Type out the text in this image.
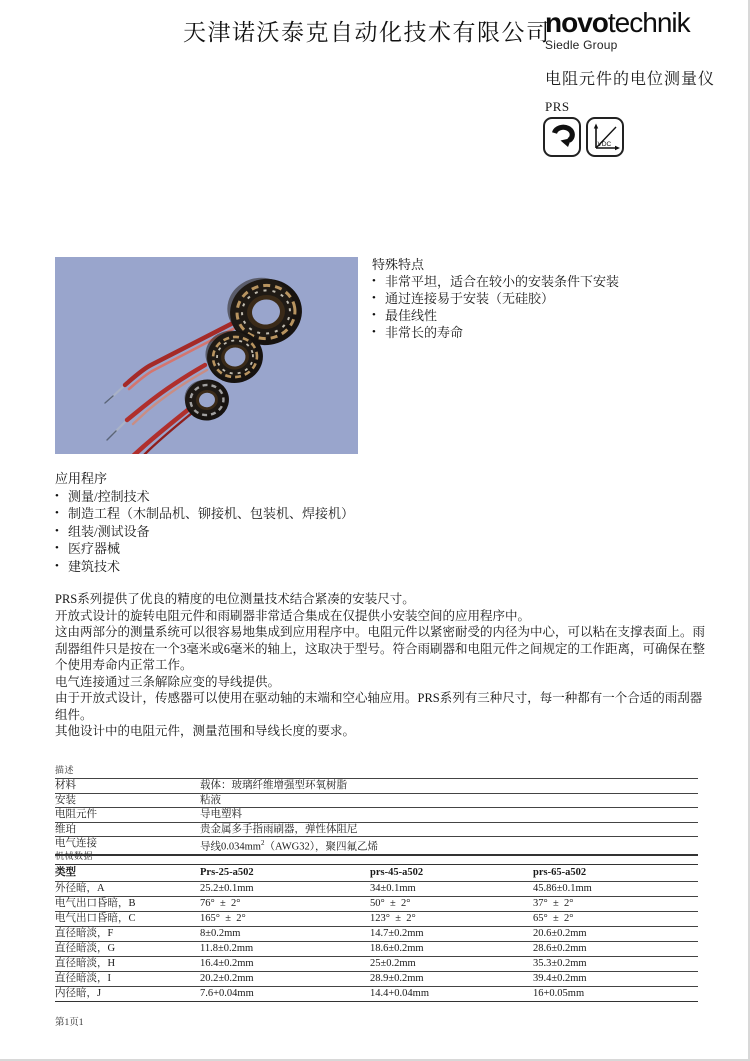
天津诺沃泰克自动化技术有限公司
novotechnik
Siedle Group
电阻元件的电位测量仪
PRS
VDC
特殊特点
• 非常平坦，适合在较小的安装条件下安装
• 通过连接易于安装（无硅胶）
• 最佳线性
• 非常长的寿命
应用程序
• 测量/控制技术
• 制造工程（木制品机、铆接机、包装机、焊接机）
• 组装/测试设备
• 医疗器械
• 建筑技术
PRS系列提供了优良的精度的电位测量技术结合紧凑的安装尺寸。
开放式设计的旋转电阻元件和雨刷器非常适合集成在仅提供小安装空间的应用程序中。
这由两部分的测量系统可以很容易地集成到应用程序中。电阻元件以紧密耐受的内径为中心，可以粘在支撑表面上。雨刮器组件只是按在一个3毫米或6毫米的轴上，这取决于型号。符合雨刷器和电阻元件之间规定的工作距离，可确保在整个使用寿命内正常工作。
电气连接通过三条解除应变的导线提供。
由于开放式设计，传感器可以使用在驱动轴的末端和空心轴应用。PRS系列有三种尺寸，每一种都有一个合适的雨刮器组件。
其他设计中的电阻元件，测量范围和导线长度的要求。
描述
材料	载体：玻璃纤维增强型环氧树脂
安装	粘液
电阻元件	导电塑料
维珀	贵金属多手指雨刷器，弹性体阻尼
电气连接	导线$0.034mm^2(AWG32)$，聚四氟乙烯
机械数据
类型	Prs-25-a502	prs-45-a502	prs-65-a502
外径暗，A	25.2±0.1mm	34±0.1mm	45.86±0.1mm
电气出口昏暗，B	76°  ±  2°	50°  ±  2°	37°  ±  2°
电气出口昏暗，C	165°  ±  2°	123°  ±  2°	65°  ±  2°
直径暗淡，F	8±0.2mm	14.7±0.2mm	20.6±0.2mm
直径暗淡，G	11.8±0.2mm	18.6±0.2mm	28.6±0.2mm
直径暗淡，H	16.4±0.2mm	25±0.2mm	35.3±0.2mm
直径暗淡，I	20.2±0.2mm	28.9±0.2mm	39.4±0.2mm
内径暗，J	7.6+0.04mm	14.4+0.04mm	16+0.05mm
第1页1
